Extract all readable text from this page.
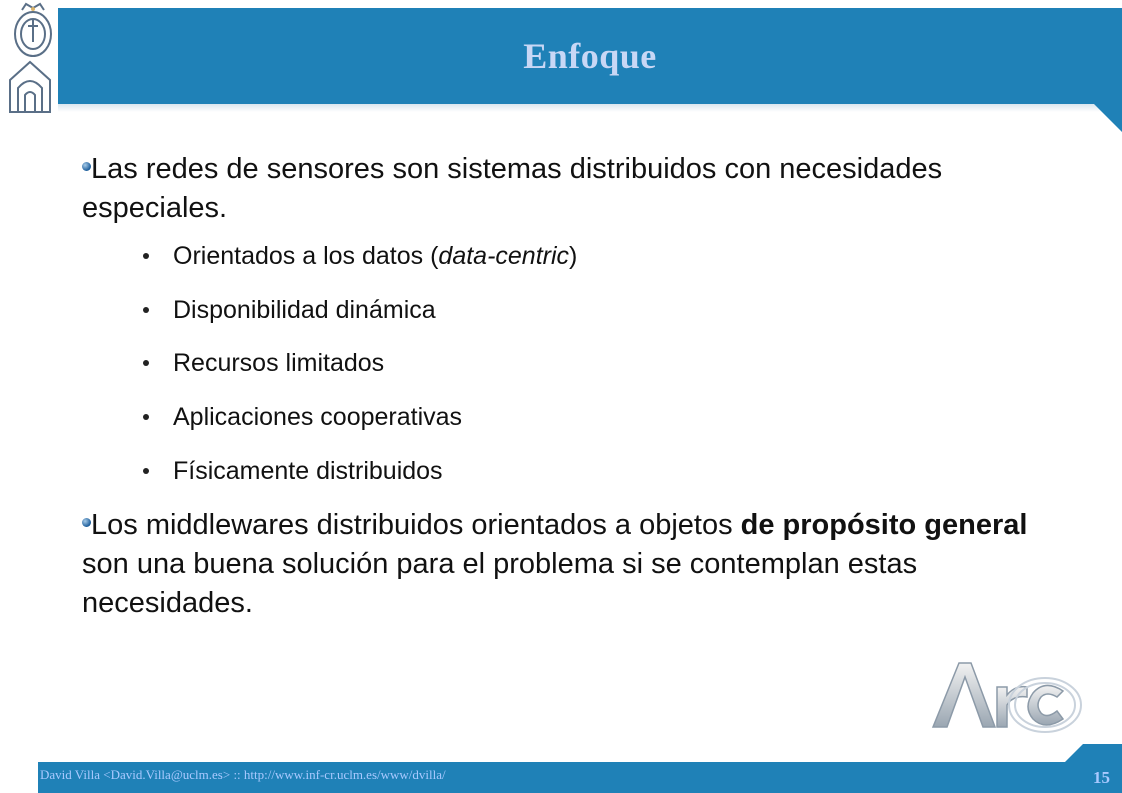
Enfoque
Las redes de sensores son sistemas distribuidos con necesidades especiales.
Orientados a los datos (data-centric)
Disponibilidad dinámica
Recursos limitados
Aplicaciones cooperativas
Físicamente distribuidos
Los middlewares distribuidos orientados a objetos de propósito general son una buena solución para el problema si se contemplan estas necesidades.
David Villa <David.Villa@uclm.es> :: http://www.inf-cr.uclm.es/www/dvilla/	15
